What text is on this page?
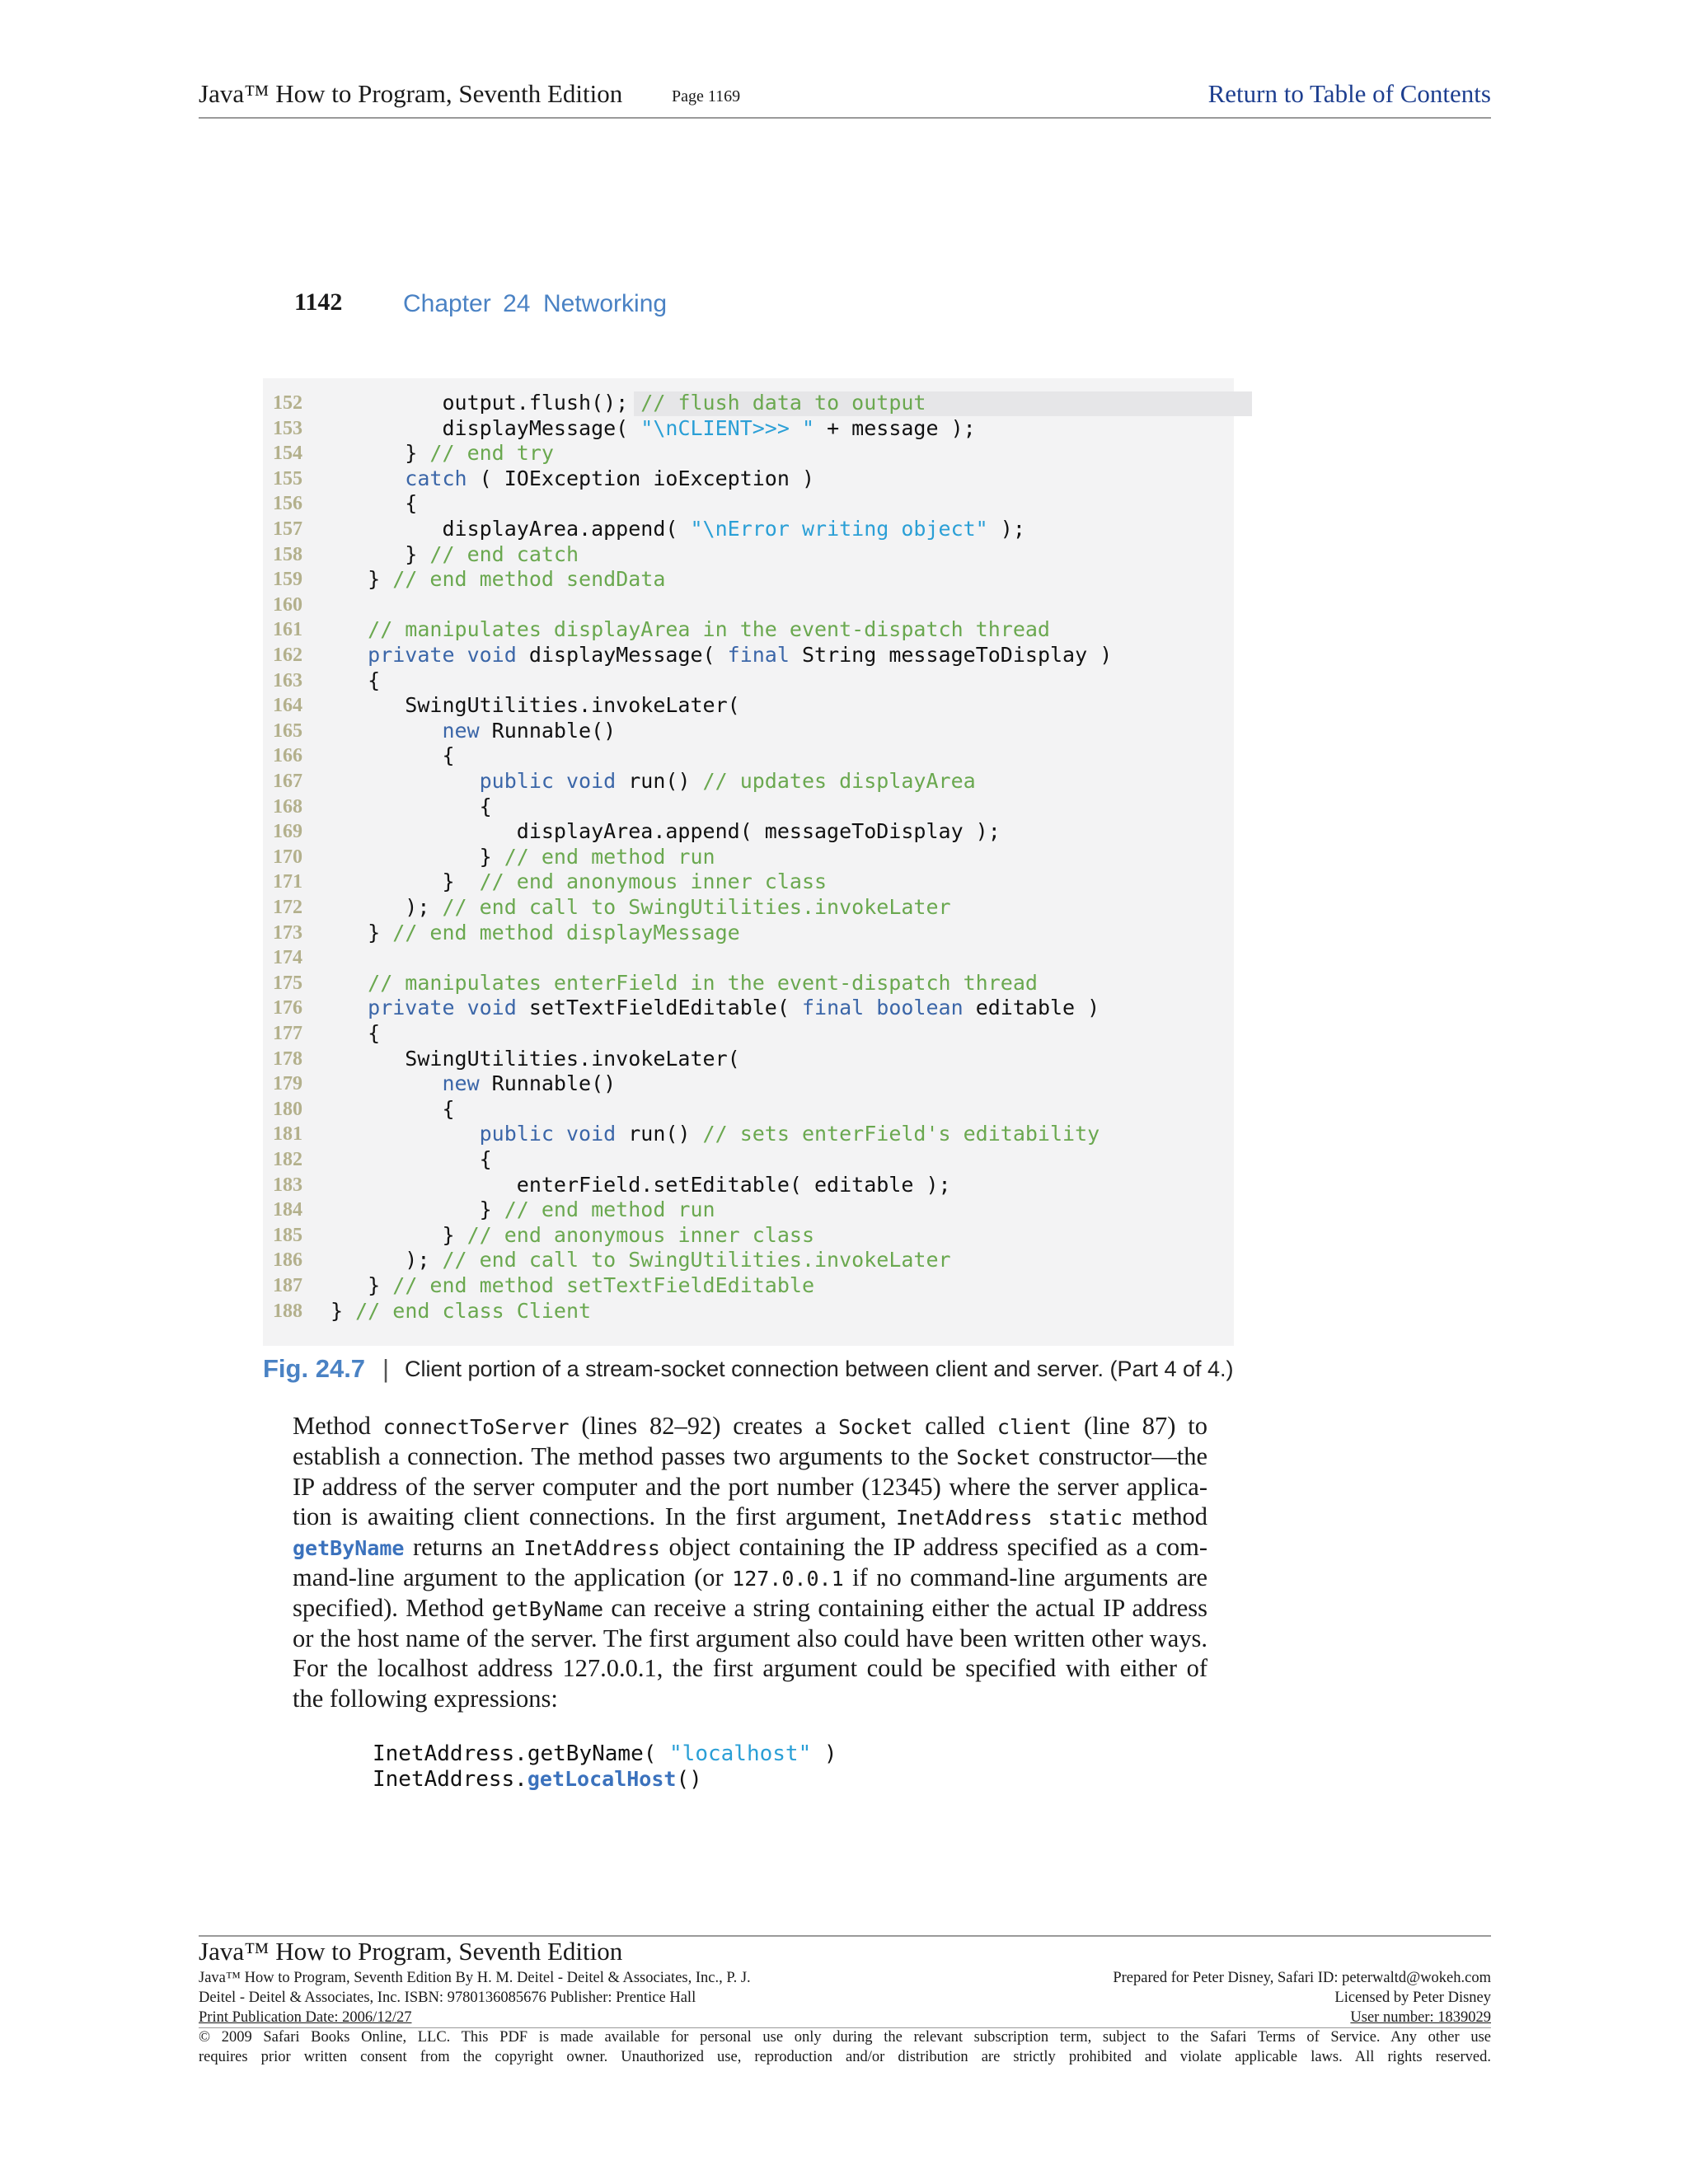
Java™ How to Program, Seventh Edition	Page 1169	Return to Table of Contents
1142 Chapter 24 Networking
152	output.flush(); // flush data to output
153	displayMessage( "\nCLIENT>>> " + message );
154	} // end try
155	catch ( IOException ioException )
156	{
157	displayArea.append( "\nError writing object" );
158	} // end catch
159	} // end method sendData
160
161	// manipulates displayArea in the event-dispatch thread
162	private void displayMessage( final String messageToDisplay )
163	{
164	SwingUtilities.invokeLater(
165	new Runnable()
166	{
167	public void run() // updates displayArea
168	{
169	displayArea.append( messageToDisplay );
170	} // end method run
171	}  // end anonymous inner class
172	); // end call to SwingUtilities.invokeLater
173	} // end method displayMessage
174
175	// manipulates enterField in the event-dispatch thread
176	private void setTextFieldEditable( final boolean editable )
177	{
178	SwingUtilities.invokeLater(
179	new Runnable()
180	{
181	public void run() // sets enterField's editability
182	{
183	enterField.setEditable( editable );
184	} // end method run
185	} // end anonymous inner class
186	); // end call to SwingUtilities.invokeLater
187	} // end method setTextFieldEditable
188	} // end class Client
Fig. 24.7 | Client portion of a stream-socket connection between client and server. (Part 4 of 4.)
Method connectToServer (lines 82–92) creates a Socket called client (line 87) to
establish a connection. The method passes two arguments to the Socket constructor—the
IP address of the server computer and the port number (12345) where the server applica-
tion is awaiting client connections. In the first argument, InetAddress static method
getByName returns an InetAddress object containing the IP address specified as a com-
mand-line argument to the application (or 127.0.0.1 if no command-line arguments are
specified). Method getByName can receive a string containing either the actual IP address
or the host name of the server. The first argument also could have been written other ways.
For the localhost address 127.0.0.1, the first argument could be specified with either of
the following expressions:
InetAddress.getByName( "localhost" )
InetAddress.getLocalHost()
Java™ How to Program, Seventh Edition
Java™ How to Program, Seventh Edition By H. M. Deitel - Deitel & Associates, Inc., P. J.
Deitel - Deitel & Associates, Inc. ISBN: 9780136085676 Publisher: Prentice Hall
Print Publication Date: 2006/12/27
Prepared for Peter Disney, Safari ID: peterwaltd@wokeh.com
Licensed by Peter Disney
User number: 1839029
© 2009 Safari Books Online, LLC. This PDF is made available for personal use only during the relevant subscription term, subject to the Safari Terms of Service. Any other use
requires prior written consent from the copyright owner. Unauthorized use, reproduction and/or distribution are strictly prohibited and violate applicable laws. All rights reserved.
